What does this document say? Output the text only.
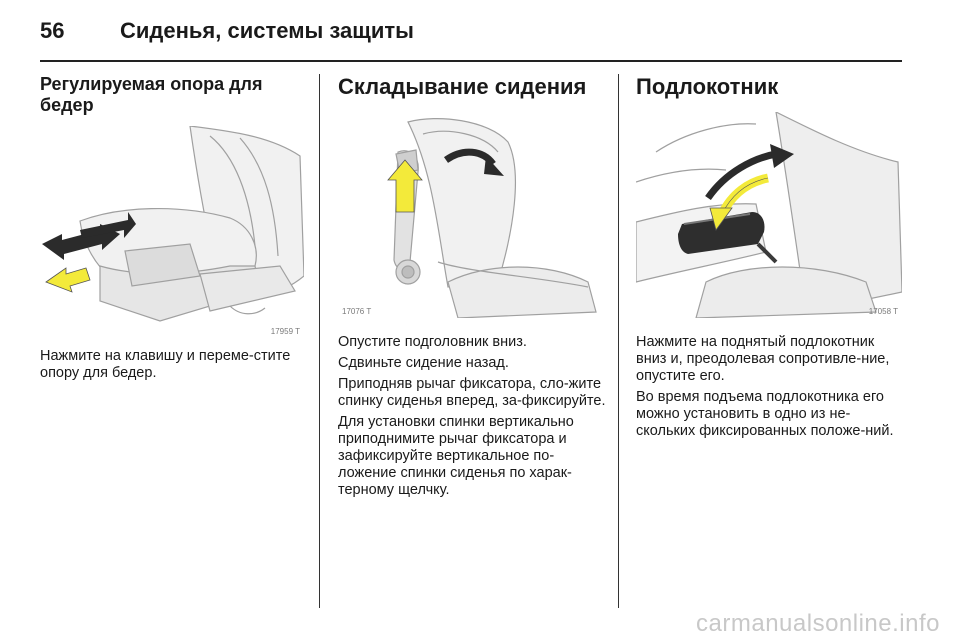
56	Сиденья, системы защиты
Регулируемая опора для бедер
17959 T

Нажмите на клавишу и переме-стите опору для бедер.

Складывание сидения
17076 T

Опустите подголовник вниз.

Сдвиньте сидение назад.

Приподняв рычаг фиксатора, сло-жите спинку сиденья вперед, за-фиксируйте.

Для установки спинки вертикально приподнимите рычаг фиксатора и зафиксируйте вертикальное по-ложение спинки сиденья по харак-терному щелчку.

Подлокотник
17058 T

Нажмите на поднятый подлокотник вниз и, преодолевая сопротивле-ние, опустите его.

Во время подъема подлокотника его можно установить в одно из не-скольких фиксированных положе-ний.

carmanualsonline.info
